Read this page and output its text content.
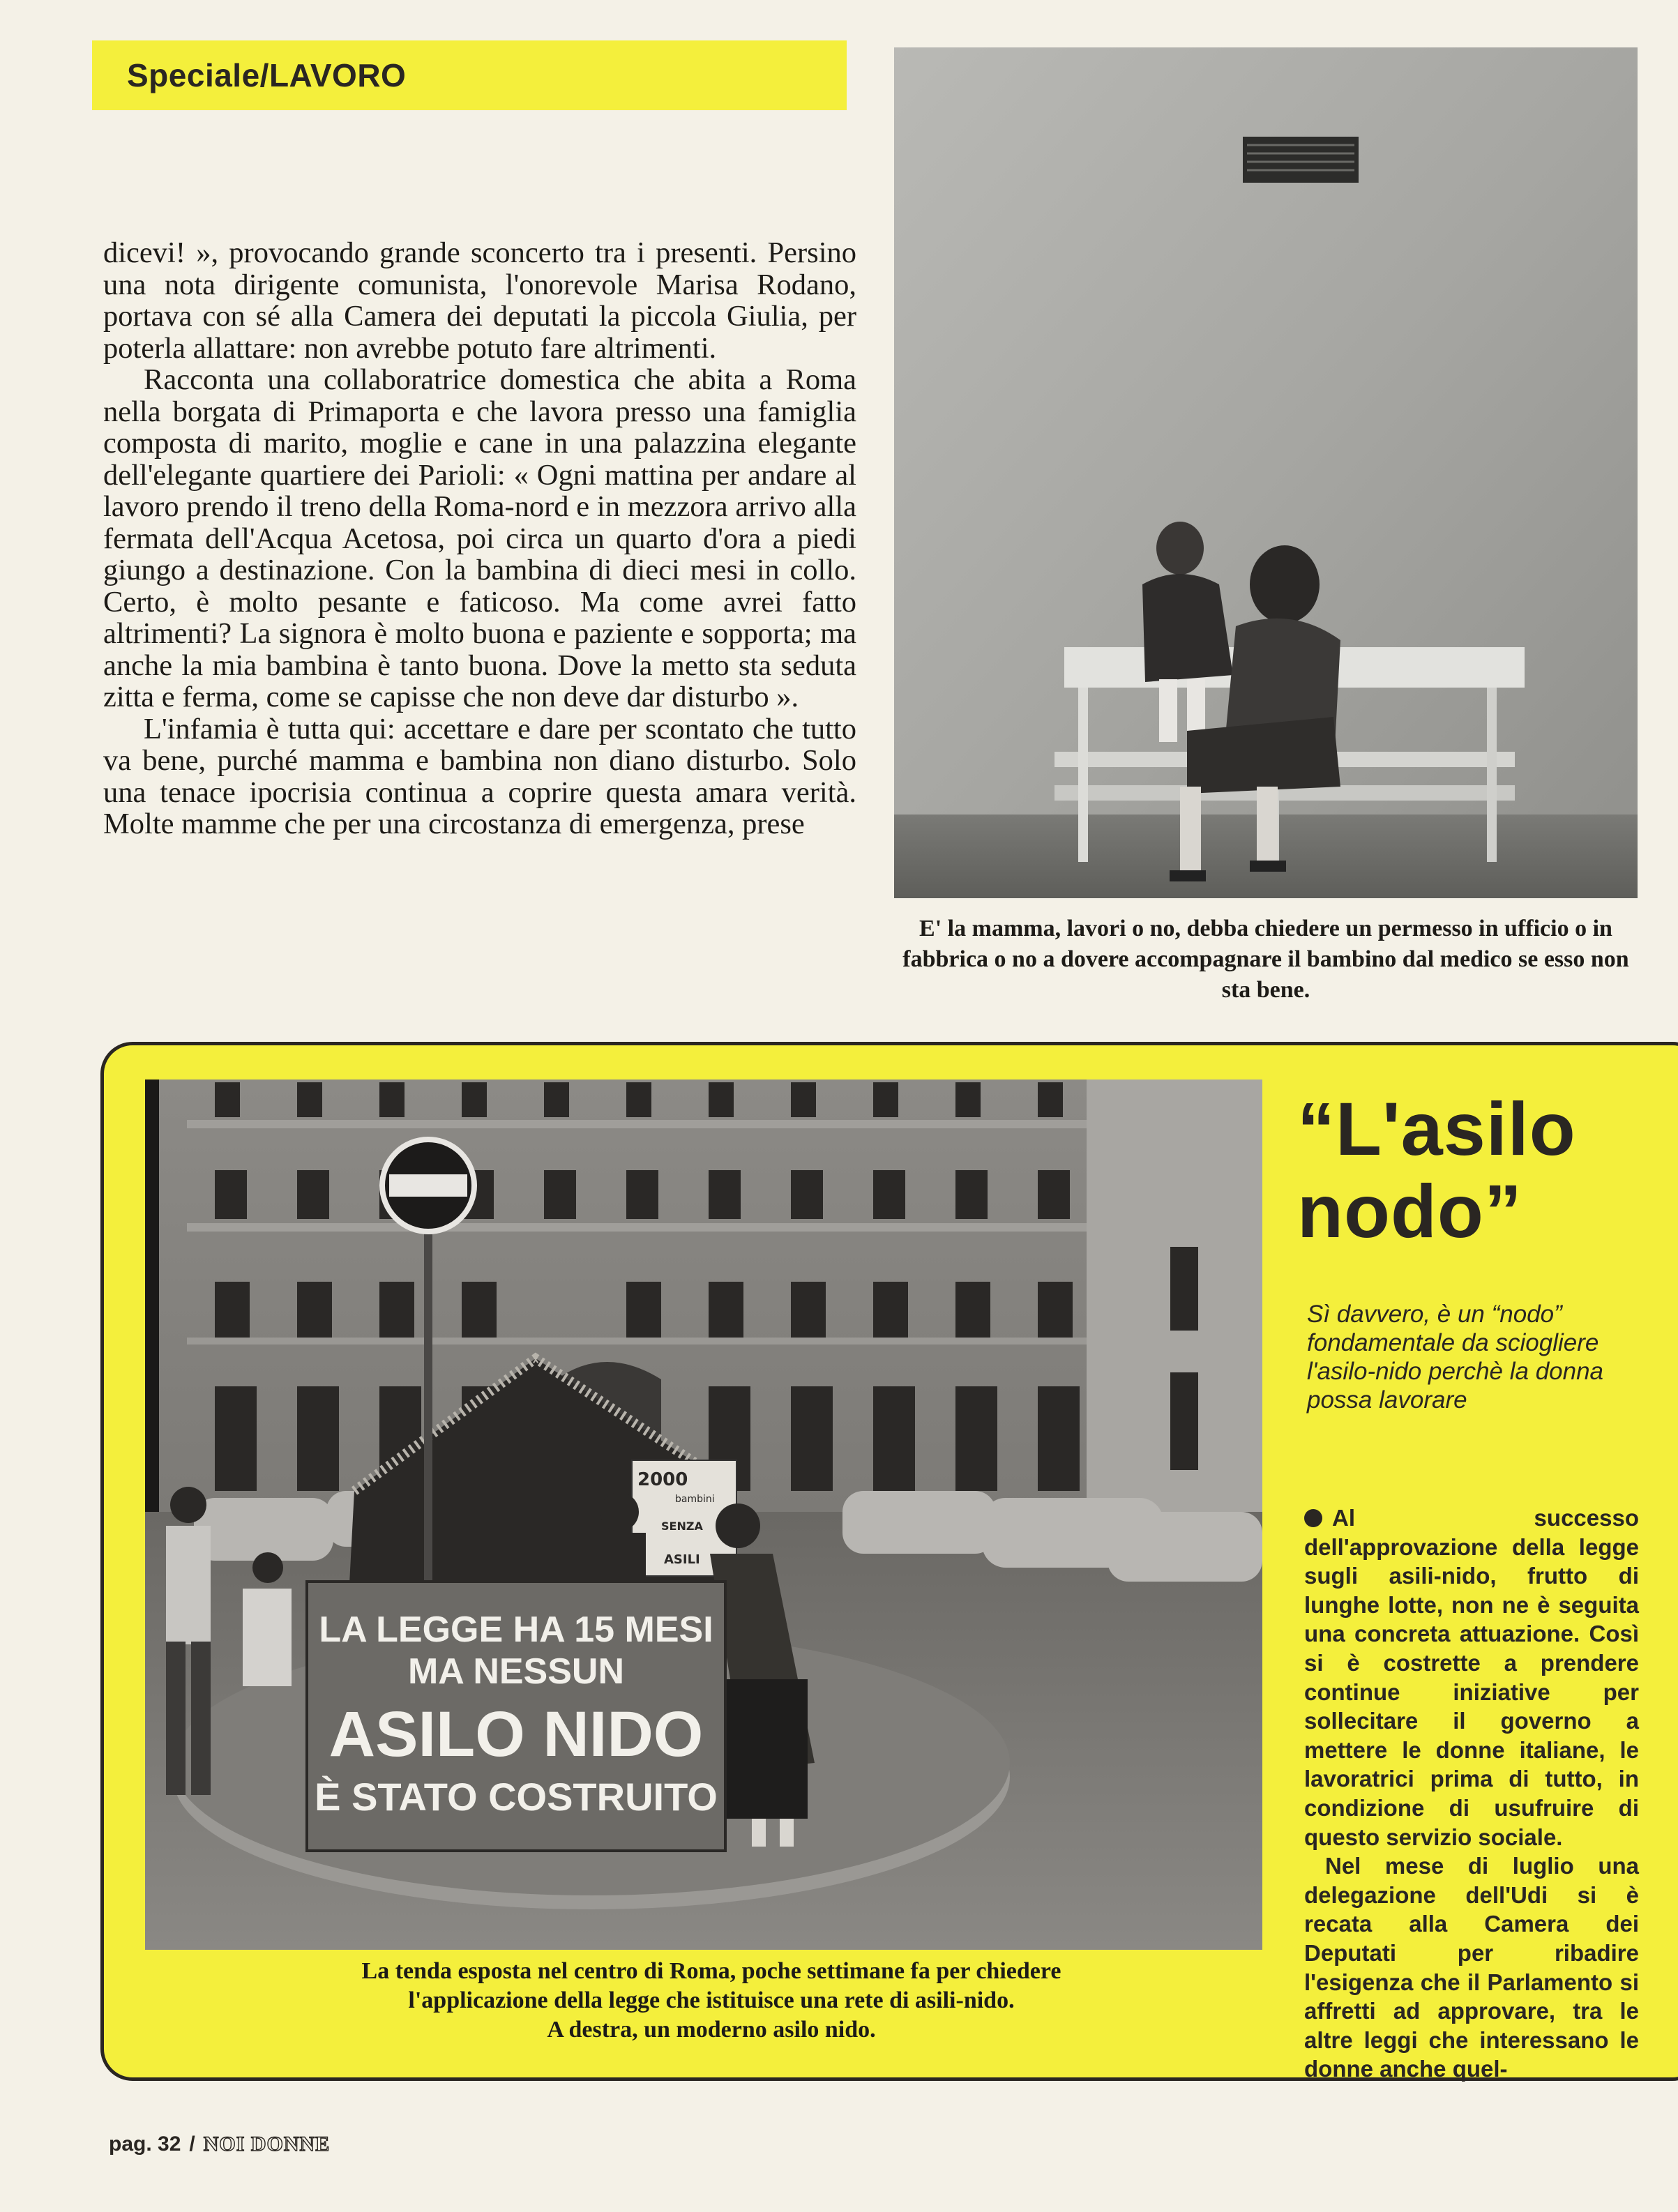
Speciale/LAVORO

dicevi! », provocando grande sconcerto tra i presenti. Persino una nota dirigente comunista, l'onorevole Marisa Rodano, portava con sé alla Camera dei deputati la piccola Giulia, per poterla allattare: non avrebbe potuto fare altrimenti.

Racconta una collaboratrice domestica che abita a Roma nella borgata di Primaporta e che lavora presso una famiglia composta di marito, moglie e cane in una palazzina elegante dell'elegante quartiere dei Parioli: « Ogni mattina per andare al lavoro prendo il treno della Roma-nord e in mezzora arrivo alla fermata dell'Acqua Acetosa, poi circa un quarto d'ora a piedi giungo a destinazione. Con la bambina di dieci mesi in collo. Certo, è molto pesante e faticoso. Ma come avrei fatto altrimenti? La signora è molto buona e paziente e sopporta; ma anche la mia bambina è tanto buona. Dove la metto sta seduta zitta e ferma, come se capisse che non deve dar disturbo ».

L'infamia è tutta qui: accettare e dare per scontato che tutto va bene, purché mamma e bambina non diano disturbo. Solo una tenace ipocrisia continua a coprire questa amara verità. Molte mamme che per una circostanza di emergenza, prese

E' la mamma, lavori o no, debba chiedere un permesso in ufficio o in fabbrica o no a dovere accompagnare il bambino dal medico se esso non sta bene.
2000
bambini
SENZA
ASILI
LA LEGGE HA 15 MESI
MA NESSUN
ASILO NIDO
È STATO COSTRUITO
La tenda esposta nel centro di Roma, poche settimane fa per chiedere
l'applicazione della legge che istituisce una rete di asili-nido.
A destra, un moderno asilo nido.
“L'asilo
nodo”
Sì davvero, è un “nodo” fondamentale da sciogliere l'asilo-nido perchè la donna possa lavorare

Al successo dell'approvazione della legge sugli asili-nido, frutto di lunghe lotte, non ne è seguita una concreta attuazione. Così si è costrette a prendere continue iniziative per sollecitare il governo a mettere le donne italiane, le lavoratrici prima di tutto, in condizione di usufruire di questo servizio sociale.

Nel mese di luglio una delegazione dell'Udi si è recata alla Camera dei Deputati per ribadire l'esigenza che il Parlamento si affretti ad approvare, tra le altre leggi che interessano le donne anche quel-

pag. 32 / NOI DONNE
